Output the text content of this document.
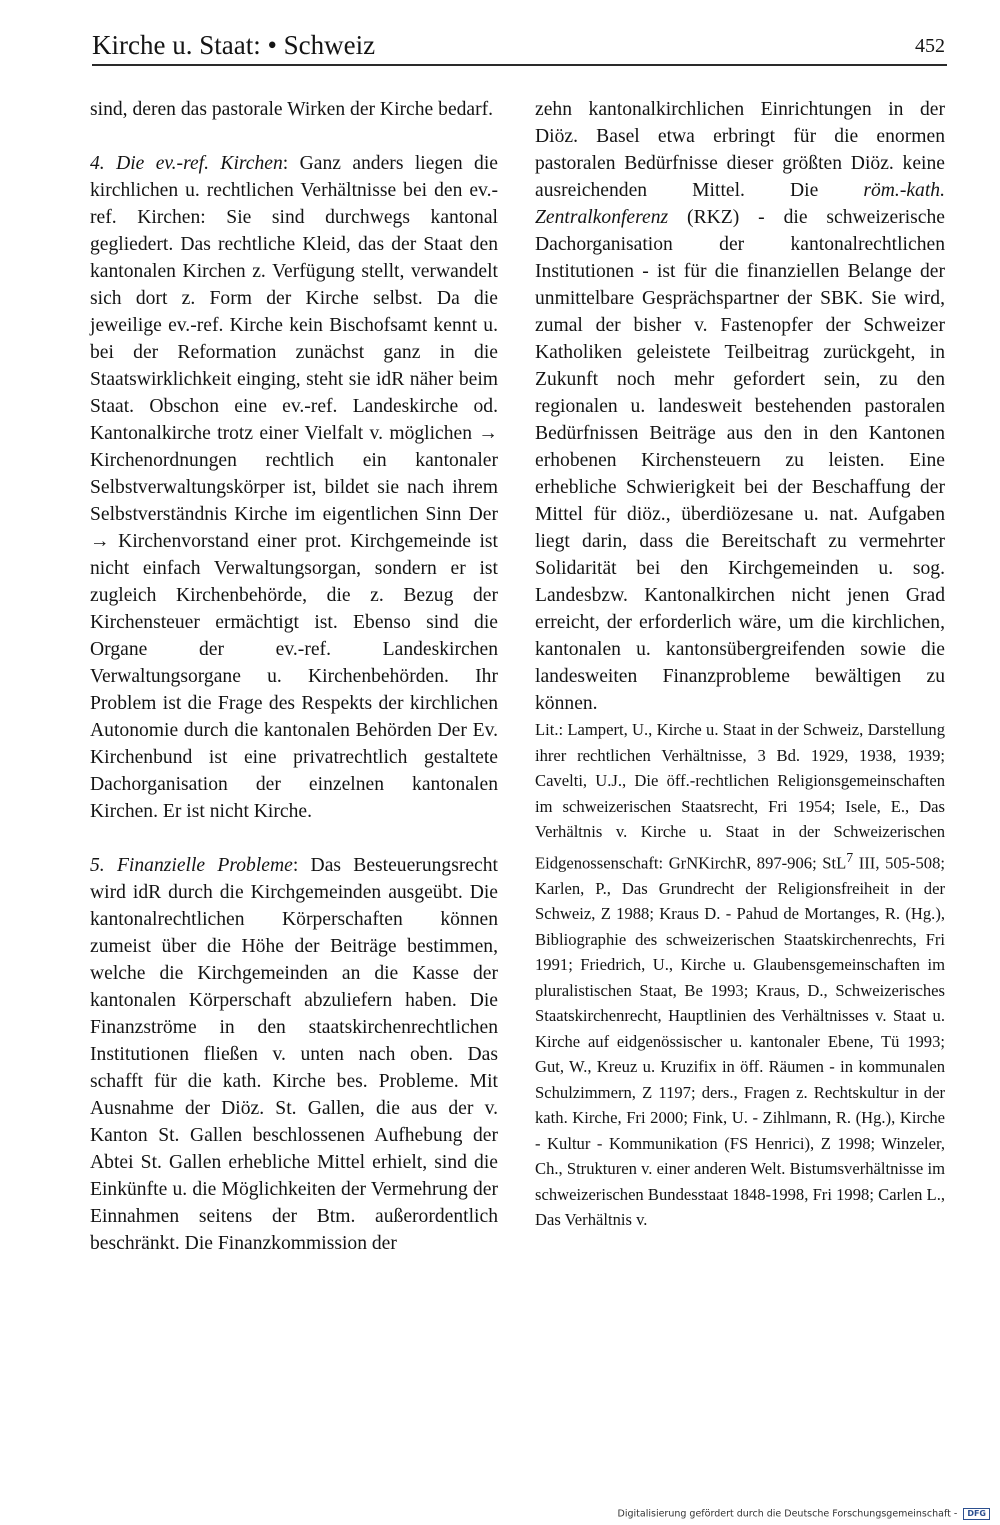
Kirche u. Staat: • Schweiz	452

sind, deren das pastorale Wirken der Kirche bedarf.

4. Die ev.-ref. Kirchen: Ganz anders liegen die kirchlichen u. rechtlichen Verhältnisse bei den ev.-ref. Kirchen: Sie sind durchwegs kantonal gegliedert. Das rechtliche Kleid, das der Staat den kantonalen Kirchen z. Verfügung stellt, verwandelt sich dort z. Form der Kirche selbst. Da die jeweilige ev.-ref. Kirche kein Bischofsamt kennt u. bei der Reformation zunächst ganz in die Staatswirklichkeit einging, steht sie idR näher beim Staat. Obschon eine ev.-ref. Landeskirche od. Kantonalkirche trotz einer Vielfalt v. möglichen → Kirchenordnungen rechtlich ein kantonaler Selbstverwaltungskörper ist, bildet sie nach ihrem Selbstverständnis Kirche im eigentlichen Sinn Der → Kirchenvorstand einer prot. Kirchgemeinde ist nicht einfach Verwaltungsorgan, sondern er ist zugleich Kirchenbehörde, die z. Bezug der Kirchensteuer ermächtigt ist. Ebenso sind die Organe der ev.-ref. Landeskirchen Verwaltungsorgane u. Kirchenbehörden. Ihr Problem ist die Frage des Respekts der kirchlichen Autonomie durch die kantonalen Behörden Der Ev. Kirchenbund ist eine privatrechtlich gestaltete Dachorganisation der einzelnen kantonalen Kirchen. Er ist nicht Kirche.

5. Finanzielle Probleme: Das Besteuerungsrecht wird idR durch die Kirchgemeinden ausgeübt. Die kantonalrechtlichen Körperschaften können zumeist über die Höhe der Beiträge bestimmen, welche die Kirchgemeinden an die Kasse der kantonalen Körperschaft abzuliefern haben. Die Finanzströme in den staatskirchenrechtlichen Institutionen fließen v. unten nach oben. Das schafft für die kath. Kirche bes. Probleme. Mit Ausnahme der Diöz. St. Gallen, die aus der v. Kanton St. Gallen beschlossenen Aufhebung der Abtei St. Gallen erhebliche Mittel erhielt, sind die Einkünfte u. die Möglichkeiten der Vermehrung der Einnahmen seitens der Btm. außerordentlich beschränkt. Die Finanzkommission der

zehn kantonalkirchlichen Einrichtungen in der Diöz. Basel etwa erbringt für die enormen pastoralen Bedürfnisse dieser größten Diöz. keine ausreichenden Mittel. Die röm.-kath. Zentralkonferenz (RKZ) - die schweizerische Dachorganisation der kantonalrechtlichen Institutionen - ist für die finanziellen Belange der unmittelbare Gesprächspartner der SBK. Sie wird, zumal der bisher v. Fastenopfer der Schweizer Katholiken geleistete Teilbeitrag zurückgeht, in Zukunft noch mehr gefordert sein, zu den regionalen u. landesweit bestehenden pastoralen Bedürfnissen Beiträge aus den in den Kantonen erhobenen Kirchensteuern zu leisten. Eine erhebliche Schwierigkeit bei der Beschaffung der Mittel für diöz., überdiözesane u. nat. Aufgaben liegt darin, dass die Bereitschaft zu vermehrter Solidarität bei den Kirchgemeinden u. sog. Landesbzw. Kantonalkirchen nicht jenen Grad erreicht, der erforderlich wäre, um die kirchlichen, kantonalen u. kantonsübergreifenden sowie die landesweiten Finanzprobleme bewältigen zu können.

Lit.: Lampert, U., Kirche u. Staat in der Schweiz, Darstellung ihrer rechtlichen Verhältnisse, 3 Bd. 1929, 1938, 1939; Cavelti, U.J., Die öff.-rechtlichen Religionsgemeinschaften im schweizerischen Staatsrecht, Fri 1954; Isele, E., Das Verhältnis v. Kirche u. Staat in der Schweizerischen Eidgenossenschaft: GrNKirchR, 897-906; StL$^7$ III, 505-508; Karlen, P., Das Grundrecht der Religionsfreiheit in der Schweiz, Z 1988; Kraus D. - Pahud de Mortanges, R. (Hg.), Bibliographie des schweizerischen Staatskirchenrechts, Fri 1991; Friedrich, U., Kirche u. Glaubensgemeinschaften im pluralistischen Staat, Be 1993; Kraus, D., Schweizerisches Staatskirchenrecht, Hauptlinien des Verhältnisses v. Staat u. Kirche auf eidgenössischer u. kantonaler Ebene, Tü 1993; Gut, W., Kreuz u. Kruzifix in öff. Räumen - in kommunalen Schulzimmern, Z 1197; ders., Fragen z. Rechtskultur in der kath. Kirche, Fri 2000; Fink, U. - Zihlmann, R. (Hg.), Kirche - Kultur - Kommunikation (FS Henrici), Z 1998; Winzeler, Ch., Strukturen v. einer anderen Welt. Bistumsverhältnisse im schweizerischen Bundesstaat 1848-1998, Fri 1998; Carlen L., Das Verhältnis v.

Digitalisierung gefördert durch die Deutsche Forschungsgemeinschaft - DFG
